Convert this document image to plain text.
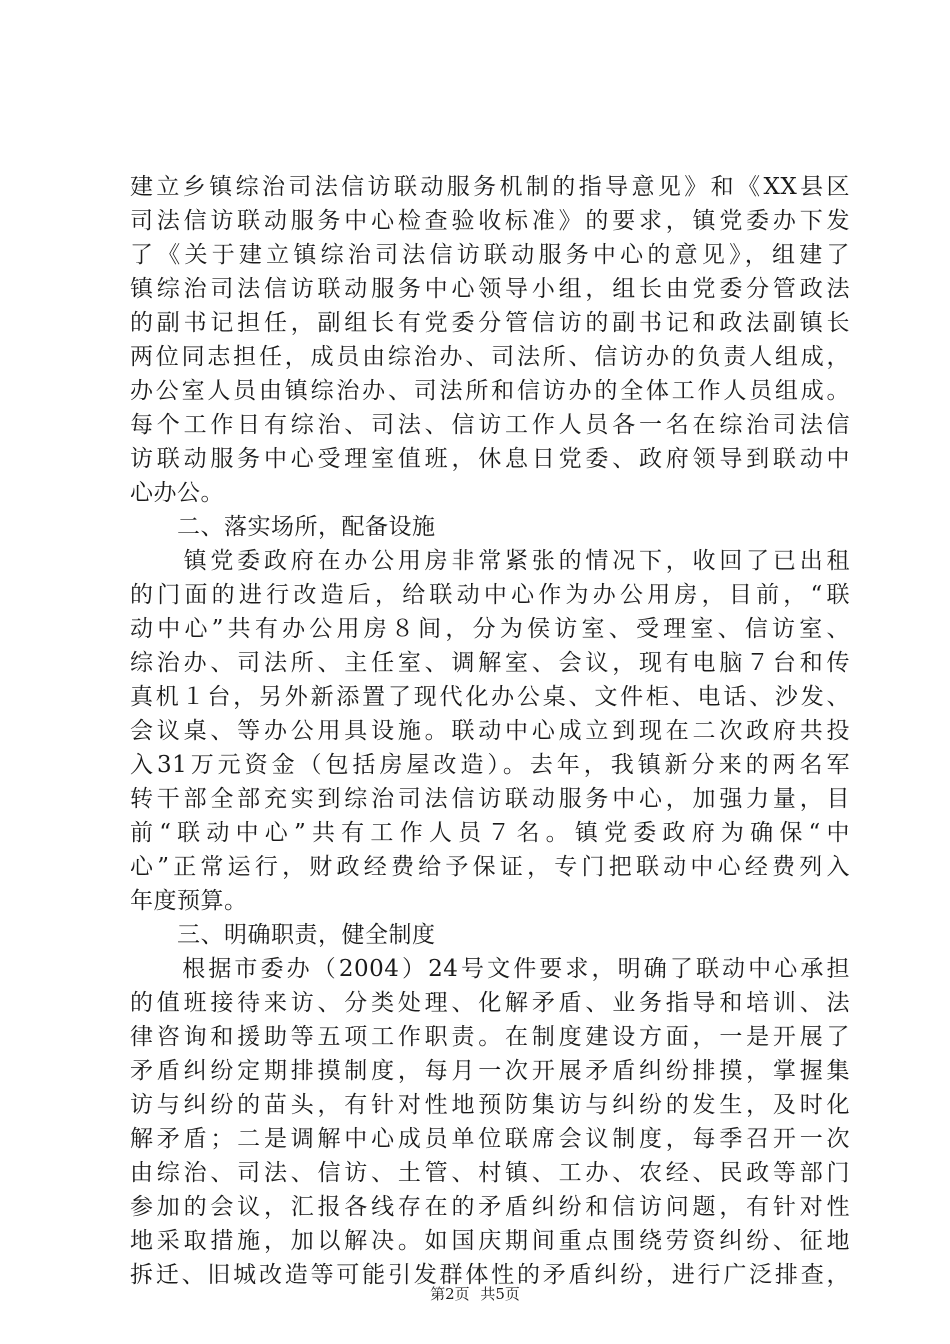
建立乡镇综治司法信访联动服务机制的指导意见》和《XX县区
司法信访联动服务中心检查验收标准》的要求，镇党委办下发
了《关于建立镇综治司法信访联动服务中心的意见》，组建了
镇综治司法信访联动服务中心领导小组，组长由党委分管政法
的副书记担任，副组长有党委分管信访的副书记和政法副镇长
两位同志担任，成员由综治办、司法所、信访办的负责人组成，
办公室人员由镇综治办、司法所和信访办的全体工作人员组成。
每个工作日有综治、司法、信访工作人员各一名在综治司法信
访联动服务中心受理室值班，休息日党委、政府领导到联动中
心办公。
　　二、落实场所，配备设施
　　镇党委政府在办公用房非常紧张的情况下，收回了已出租
的门面的进行改造后，给联动中心作为办公用房，目前，“联
动中心”共有办公用房８间，分为侯访室、受理室、信访室、
综治办、司法所、主任室、调解室、会议，现有电脑７台和传
真机１台，另外新添置了现代化办公桌、文件柜、电话、沙发、
会议桌、等办公用具设施。联动中心成立到现在二次政府共投
入31万元资金（包括房屋改造）。去年，我镇新分来的两名军
转干部全部充实到综治司法信访联动服务中心，加强力量，目
前“联动中心”共有工作人员７名。镇党委政府为确保“中
心”正常运行，财政经费给予保证，专门把联动中心经费列入
年度预算。
　　三、明确职责，健全制度
　　根据市委办（2004）24号文件要求，明确了联动中心承担
的值班接待来访、分类处理、化解矛盾、业务指导和培训、法
律咨询和援助等五项工作职责。在制度建设方面，一是开展了
矛盾纠纷定期排摸制度，每月一次开展矛盾纠纷排摸，掌握集
访与纠纷的苗头，有针对性地预防集访与纠纷的发生，及时化
解矛盾；二是调解中心成员单位联席会议制度，每季召开一次
由综治、司法、信访、土管、村镇、工办、农经、民政等部门
参加的会议，汇报各线存在的矛盾纠纷和信访问题，有针对性
地采取措施，加以解决。如国庆期间重点围绕劳资纠纷、征地
拆迁、旧城改造等可能引发群体性的矛盾纠纷，进行广泛排查，
第2页 共5页
